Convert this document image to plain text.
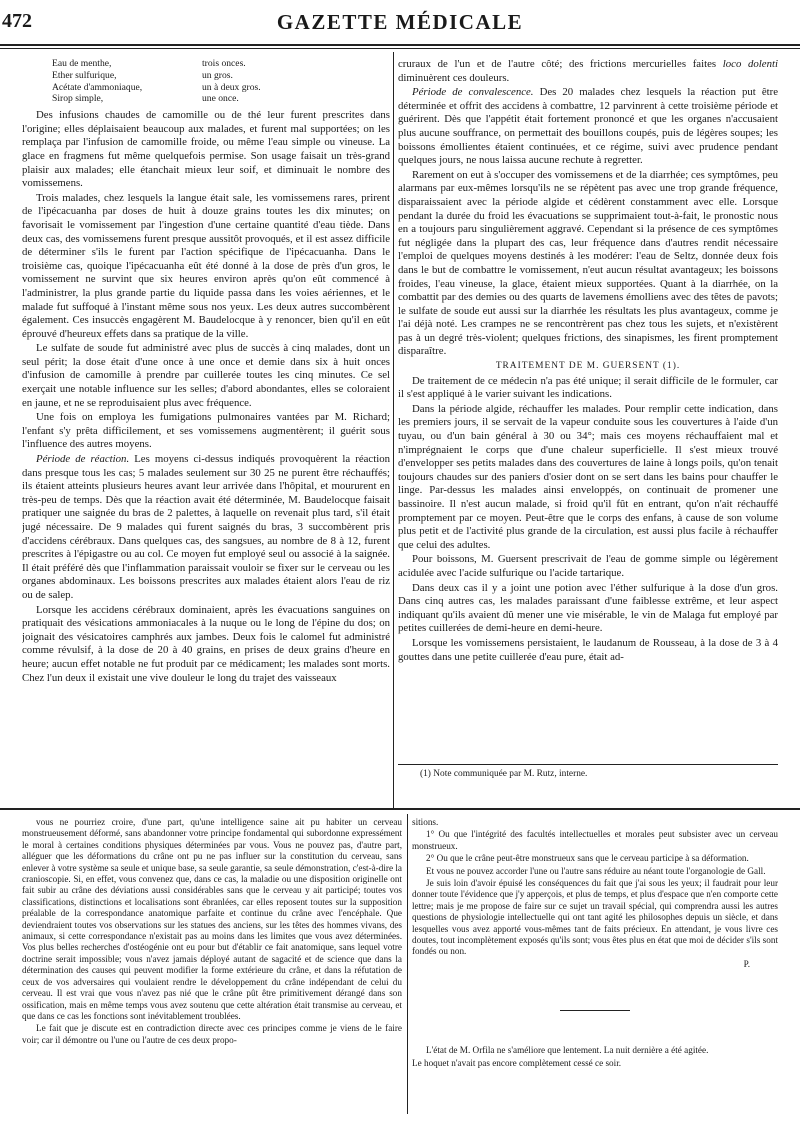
472	GAZETTE MÉDICALE
Eau de menthe,	trois onces.
Ether sulfurique,	un gros.
Acétate d'ammoniaque,	un à deux gros.
Sirop simple,	une once.

Des infusions chaudes de camomille ou de thé leur furent prescrites dans l'origine; elles déplaisaient beaucoup aux malades, et furent mal supportées; on les remplaça par l'infusion de camomille froide, ou même l'eau simple ou vineuse. La glace en fragmens fut même quelquefois permise. Son usage faisait un très-grand plaisir aux malades; elle étanchait mieux leur soif, et diminuait le nombre des vomissemens.

Trois malades, chez lesquels la langue était sale, les vomissemens rares, prirent de l'ipécacuanha par doses de huit à douze grains toutes les dix minutes; on favorisait le vomissement par l'ingestion d'une certaine quantité d'eau tiède. Dans deux cas, des vomissemens furent presque aussitôt provoqués, et il est assez difficile de déterminer s'ils le furent par l'action spécifique de l'ipécacuanha. Dans le troisième cas, quoique l'ipécacuanha eût été donné à la dose de près d'un gros, le vomissement ne survint que six heures environ après qu'on eût commencé à l'administrer, la plus grande partie du liquide passa dans les voies aériennes, et le malade fut suffoqué à l'instant même sous nos yeux. Les deux autres succombèrent également. Ces insuccès engagèrent M. Baudelocque à y renoncer, bien qu'il en eût éprouvé d'heureux effets dans sa pratique de la ville.

Le sulfate de soude fut administré avec plus de succès à cinq malades, dont un seul périt; la dose était d'une once à une once et demie dans six à huit onces d'infusion de camomille à prendre par cuillerée toutes les cinq minutes. Ce sel exerçait une notable influence sur les selles; d'abord abondantes, elles se coloraient en jaune, et ne se reproduisaient plus avec fréquence.

Une fois on employa les fumigations pulmonaires vantées par M. Richard; l'enfant s'y prêta difficilement, et ses vomissemens augmentèrent; il guérit sous l'influence des autres moyens.

Période de réaction. Les moyens ci-dessus indiqués provoquèrent la réaction dans presque tous les cas; 5 malades seulement sur 30 25 ne purent être réchauffés; ils étaient atteints plusieurs heures avant leur arrivée dans l'hôpital, et moururent en très-peu de temps. Dès que la réaction avait été déterminée, M. Baudelocque faisait pratiquer une saignée du bras de 2 palettes, à laquelle on revenait plus tard, s'il était jugé nécessaire. De 9 malades qui furent saignés du bras, 3 succombèrent pris d'accidens cérébraux. Dans quelques cas, des sangsues, au nombre de 8 à 12, furent prescrites à l'épigastre ou au col. Ce moyen fut employé seul ou associé à la saignée. Il était préféré dès que l'inflammation paraissait vouloir se fixer sur le cerveau ou les organes abdominaux. Les boissons prescrites aux malades étaient alors l'eau de riz ou de salep.

Lorsque les accidens cérébraux dominaient, après les évacuations sanguines on pratiquait des vésications ammoniacales à la nuque ou le long de l'épine du dos; on joignait des vésicatoires camphrés aux jambes. Deux fois le calomel fut administré comme révulsif, à la dose de 20 à 40 grains, en prises de deux grains d'heure en heure; aucun effet notable ne fut produit par ce médicament; les malades sont morts. Chez l'un deux il existait une vive douleur le long du trajet des vaisseaux

cruraux de l'un et de l'autre côté; des frictions mercurielles faites loco dolenti diminuèrent ces douleurs.

Période de convalescence. Des 20 malades chez lesquels la réaction put être déterminée et offrit des accidens à combattre, 12 parvinrent à cette troisième période et guérirent. Dès que l'appétit était fortement prononcé et que les organes n'accusaient plus aucune souffrance, on permettait des bouillons coupés, puis de légères soupes; les boissons émollientes étaient continuées, et ce régime, suivi avec prudence pendant quelques jours, ne nous laissa aucune rechute à regretter.

Rarement on eut à s'occuper des vomissemens et de la diarrhée; ces symptômes, peu alarmans par eux-mêmes lorsqu'ils ne se répètent pas avec une trop grande fréquence, disparaissaient avec la période algide et cédèrent constamment avec elle. Lorsque pendant la durée du froid les évacuations se supprimaient tout-à-fait, le pronostic nous en a toujours paru singulièrement aggravé. Cependant si la présence de ces symptômes fut négligée dans la plupart des cas, leur fréquence dans d'autres rendit nécessaire l'emploi de quelques moyens destinés à les modérer: l'eau de Seltz, donnée deux fois dans le but de combattre le vomissement, n'eut aucun résultat avantageux; les boissons froides, l'eau vineuse, la glace, étaient mieux supportées. Quant à la diarrhée, on la combattit par des demies ou des quarts de lavemens émolliens avec des têtes de pavots; le sulfate de soude eut aussi sur la diarrhée les résultats les plus avantageux, comme je l'ai déjà noté. Les crampes ne se rencontrèrent pas chez tous les sujets, et n'existèrent pas à un degré très-violent; quelques frictions, des sinapismes, les firent promptement disparaître.

TRAITEMENT DE M. GUERSENT (1).

De traitement de ce médecin n'a pas été unique; il serait difficile de le formuler, car il s'est appliqué à le varier suivant les indications.

Dans la période algide, réchauffer les malades. Pour remplir cette indication, dans les premiers jours, il se servait de la vapeur conduite sous les couvertures à l'aide d'un tuyau, ou d'un bain général à 30 ou 34°; mais ces moyens réchauffaient mal et n'imprégnaient le corps que d'une chaleur superficielle. Il s'est mieux trouvé d'envelopper ses petits malades dans des couvertures de laine à longs poils, qu'on tenait toujours chaudes sur des paniers d'osier dont on se sert dans les bains pour chauffer le linge. Par-dessus les malades ainsi enveloppés, on continuait de promener une bassinoire. Il n'est aucun malade, si froid qu'il fût en entrant, qu'on n'ait réchauffé promptement par ce moyen. Peut-être que le corps des enfans, à cause de son volume plus petit et de l'activité plus grande de la circulation, est aussi plus facile à réchauffer que celui des adultes.

Pour boissons, M. Guersent prescrivait de l'eau de gomme simple ou légèrement acidulée avec l'acide sulfurique ou l'acide tartarique.

Dans deux cas il y a joint une potion avec l'éther sulfurique à la dose d'un gros. Dans cinq autres cas, les malades paraissant d'une faiblesse extrême, et leur aspect indiquant qu'ils avaient dû mener une vie misérable, le vin de Malaga fut employé par petites cuillerées de demi-heure en demi-heure.

Lorsque les vomissemens persistaient, le laudanum de Rousseau, à la dose de 3 à 4 gouttes dans une petite cuillerée d'eau pure, était ad-

(1) Note communiquée par M. Rutz, interne.

vous ne pourriez croire, d'une part, qu'une intelligence saine ait pu habiter un cerveau monstrueusement déformé, sans abandonner votre principe fondamental qui subordonne expressément le moral à certaines conditions physiques déterminées par vous. Vous ne pouvez pas, d'autre part, alléguer que les déformations du crâne ont pu ne pas influer sur la constitution du cerveau, sans enlever à votre système sa seule et unique base, sa seule garantie, sa seule démonstration, c'est-à-dire la cranioscopie. Si, en effet, vous convenez que, dans ce cas, la maladie ou une disposition originelle ont fait subir au crâne des déviations aussi considérables sans que le cerveau y ait participé; toutes vos classifications, distinctions et localisations sont ébranlées, car elles reposent toutes sur la supposition préalable de la correspondance anatomique parfaite et continue du crâne avec l'encéphale. Que deviendraient toutes vos observations sur les statues des anciens, sur les têtes des hommes vivans, des animaux, si cette correspondance n'existait pas au moins dans les limites que vous avez déterminées. Vos plus belles recherches d'ostéogénie ont eu pour but d'établir ce fait anatomique, sans lequel votre doctrine serait impossible; vous n'avez jamais déployé autant de sagacité et de science que dans la détermination des causes qui peuvent modifier la forme extérieure du crâne, et dans la réfutation de ceux de vos adversaires qui voulaient rendre le développement du crâne indépendant de celui du cerveau. Il est vrai que vous n'avez pas nié que le crâne pût être primitivement dérangé dans son ossification, mais en même temps vous avez soutenu que cette altération était transmise au cerveau, et que dans ce cas les fonctions sont inévitablement troublées.

Le fait que je discute est en contradiction directe avec ces principes comme je viens de le faire voir; car il démontre ou l'une ou l'autre de ces deux propo-

sitions.

1° Ou que l'intégrité des facultés intellectuelles et morales peut subsister avec un cerveau monstrueux.

2° Ou que le crâne peut-être monstrueux sans que le cerveau participe à sa déformation.

Et vous ne pouvez accorder l'une ou l'autre sans réduire au néant toute l'organologie de Gall.

Je suis loin d'avoir épuisé les conséquences du fait que j'ai sous les yeux; il faudrait pour leur donner toute l'évidence que j'y apperçois, et plus de temps, et plus d'espace que n'en comporte cette lettre; mais je me propose de faire sur ce sujet un travail spécial, qui comprendra aussi les autres questions de physiologie intellectuelle qui ont tant agité les philosophes depuis un siècle, et dans lesquelles vous avez apporté vous-mêmes tant de faits précieux. En attendant, je vous livre ces doutes, tout incomplètement exposés qu'ils sont; vous êtes plus en état que moi de décider s'ils sont fondés ou non.

P.

L'état de M. Orfila ne s'améliore que lentement. La nuit dernière a été agitée.

Le hoquet n'avait pas encore complètement cessé ce soir.
